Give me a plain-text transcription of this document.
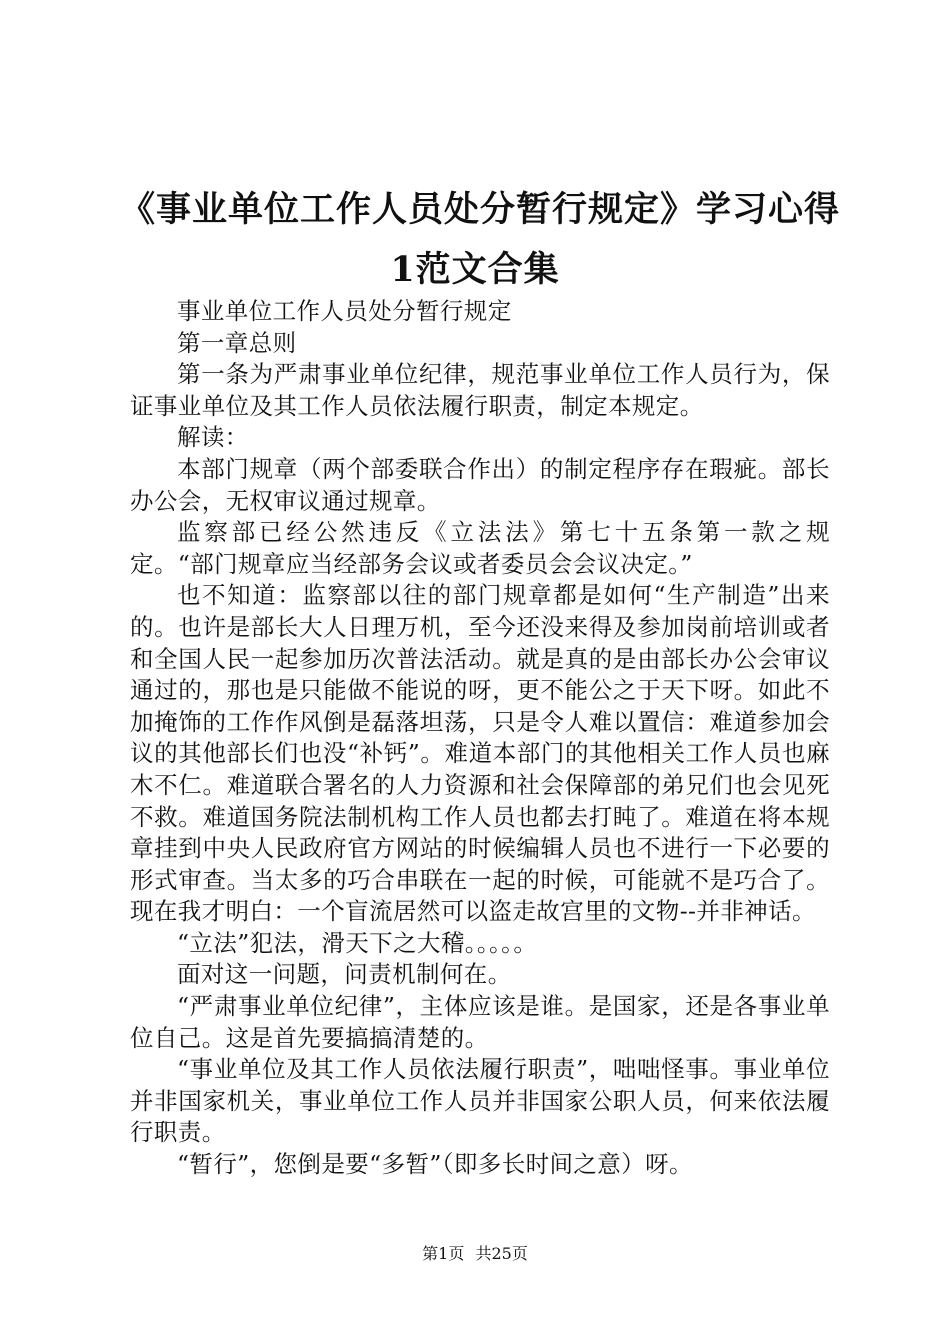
《事业单位工作人员处分暂行规定》学习心得
1范文合集

事业单位工作人员处分暂行规定

第一章总则

第一条为严肃事业单位纪律，规范事业单位工作人员行为，保证事业单位及其工作人员依法履行职责，制定本规定。

解读：

本部门规章（两个部委联合作出）的制定程序存在瑕疵。部长办公会，无权审议通过规章。

监察部已经公然违反《立法法》第七十五条第一款之规定。“部门规章应当经部务会议或者委员会会议决定。”

也不知道：监察部以往的部门规章都是如何“生产制造”出来的。也许是部长大人日理万机，至今还没来得及参加岗前培训或者和全国人民一起参加历次普法活动。就是真的是由部长办公会审议通过的，那也是只能做不能说的呀，更不能公之于天下呀。如此不加掩饰的工作作风倒是磊落坦荡，只是令人难以置信：难道参加会议的其他部长们也没“补钙”。难道本部门的其他相关工作人员也麻木不仁。难道联合署名的人力资源和社会保障部的弟兄们也会见死不救。难道国务院法制机构工作人员也都去打盹了。难道在将本规章挂到中央人民政府官方网站的时候编辑人员也不进行一下必要的形式审查。当太多的巧合串联在一起的时候，可能就不是巧合了。现在我才明白：一个盲流居然可以盗走故宫里的文物--并非神话。

“立法”犯法，滑天下之大稽。。。。。

面对这一问题，问责机制何在。

“严肃事业单位纪律”，主体应该是谁。是国家，还是各事业单位自己。这是首先要搞搞清楚的。

“事业单位及其工作人员依法履行职责”，咄咄怪事。事业单位并非国家机关，事业单位工作人员并非国家公职人员，何来依法履行职责。

“暂行”，您倒是要“多暂”（即多长时间之意）呀。

第1页 共25页
